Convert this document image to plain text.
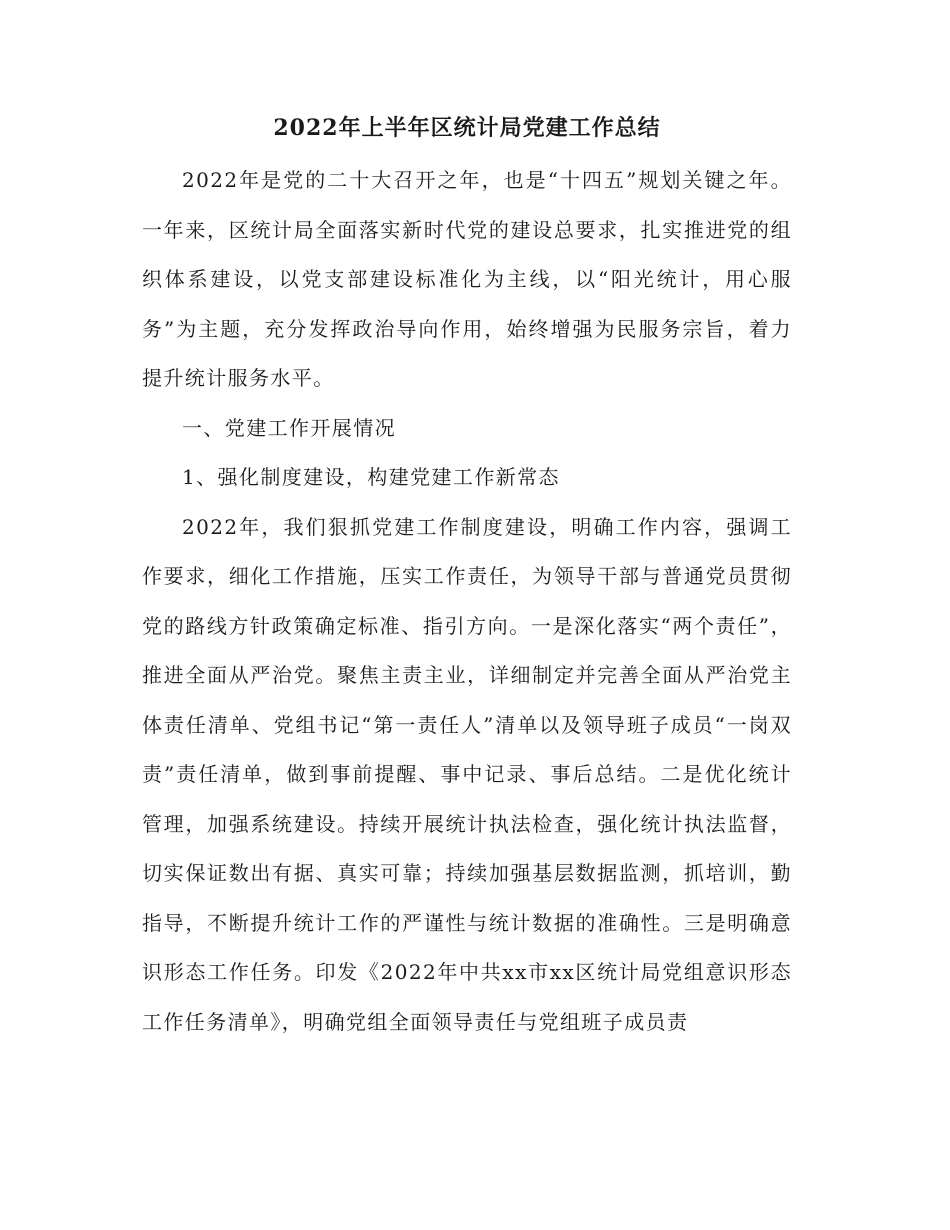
2022年上半年区统计局党建工作总结

2022年是党的二十大召开之年，也是“十四五”规划关键之年。一年来，区统计局全面落实新时代党的建设总要求，扎实推进党的组织体系建设，以党支部建设标准化为主线，以“阳光统计，用心服务”为主题，充分发挥政治导向作用，始终增强为民服务宗旨，着力提升统计服务水平。

一、党建工作开展情况

1、强化制度建设，构建党建工作新常态

2022年，我们狠抓党建工作制度建设，明确工作内容，强调工作要求，细化工作措施，压实工作责任，为领导干部与普通党员贯彻党的路线方针政策确定标准、指引方向。一是深化落实“两个责任”，推进全面从严治党。聚焦主责主业，详细制定并完善全面从严治党主体责任清单、党组书记“第一责任人”清单以及领导班子成员“一岗双责”责任清单，做到事前提醒、事中记录、事后总结。二是优化统计管理，加强系统建设。持续开展统计执法检查，强化统计执法监督，切实保证数出有据、真实可靠；持续加强基层数据监测，抓培训，勤指导，不断提升统计工作的严谨性与统计数据的准确性。三是明确意识形态工作任务。印发《2022年中共xx市xx区统计局党组意识形态工作任务清单》，明确党组全面领导责任与党组班子成员责
